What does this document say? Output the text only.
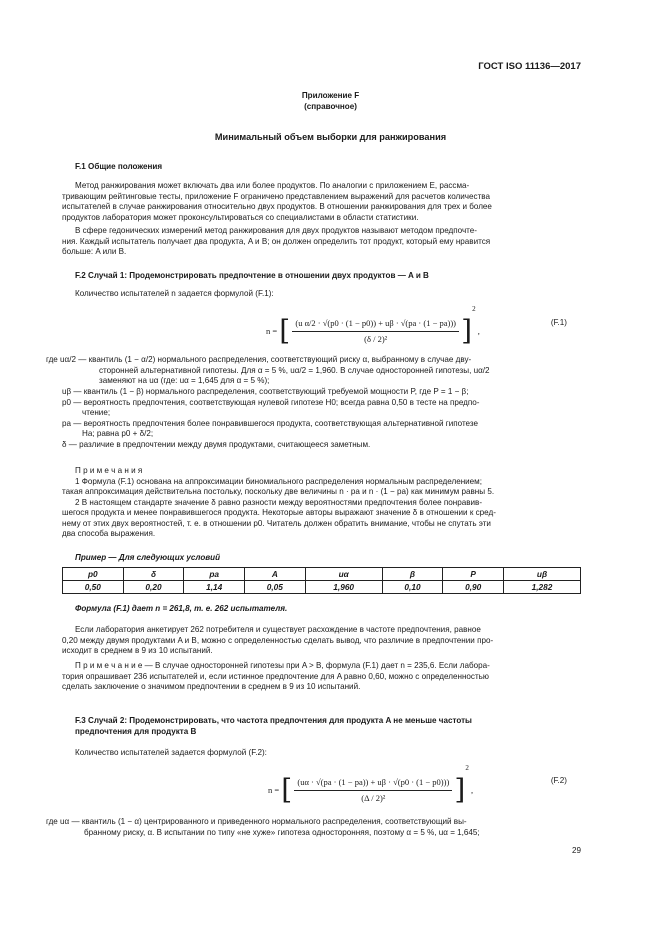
ГОСТ ISO 11136—2017
Приложение F
(справочное)
Минимальный объем выборки для ранжирования
F.1 Общие положения
Метод ранжирования может включать два или более продуктов. По аналогии с приложением Е, рассма-
тривающим рейтинговые тесты, приложение F ограничено представлением выражений для расчетов количества
испытателей в случае ранжирования относительно двух продуктов. В отношении ранжирования для трех и более
продуктов лаборатория может проконсультироваться со специалистами в области статистики.
В сфере гедонических измерений метод ранжирования для двух продуктов называют методом предпочте-
ния. Каждый испытатель получает два продукта, A и B; он должен определить тот продукт, который ему нравится
больше: A или B.
F.2 Случай 1: Продемонстрировать предпочтение в отношении двух продуктов — A и B
Количество испытателей n задается формулой (F.1):
n = [ $\frac{\text{(u α/2 · √(p0 · (1 − p0)) + uβ · √(pa · (1 − pa)))}}{\text{(δ / 2)²}} ]^2$ ,
(F.1)
где uα/2 — квантиль (1 − α/2) нормального распределения, соответствующий риску α, выбранному в случае дву-
сторонней альтернативной гипотезы. Для α = 5 %, uα/2 = 1,960. В случае односторонней гипотезы, uα/2
заменяют на uα (где: uα = 1,645 для α = 5 %);
uβ — квантиль (1 − β) нормального распределения, соответствующий требуемой мощности P, где P = 1 − β;
p0 — вероятность предпочтения, соответствующая нулевой гипотезе H0; всегда равна 0,50 в тесте на предпо-
чтение;
pa — вероятность предпочтения более понравившегося продукта, соответствующая альтернативной гипотезе
Ha; равна p0 + δ/2;
δ — различие в предпочтении между двумя продуктами, считающееся заметным.
П р и м е ч а н и я
1 Формула (F.1) основана на аппроксимации биномиального распределения нормальным распределением;
такая аппроксимация действительна постольку, поскольку две величины n · pa и n · (1 − pa) как минимум равны 5.
2 В настоящем стандарте значение δ равно разности между вероятностями предпочтения более понравив-
шегося продукта и менее понравившегося продукта. Некоторые авторы выражают значение δ в отношении к сред-
нему от этих двух вероятностей, т. е. в отношении p0. Читатель должен обратить внимание, чтобы не спутать эти
два способа выражения.
Пример — Для следующих условий
p0	δ	pa	A	uα	β	P	uβ
0,50	0,20	1,14	0,05	1,960	0,10	0,90	1,282
Формула (F.1) дает n = 261,8, т. е. 262 испытателя.
Если лаборатория анкетирует 262 потребителя и существует расхождение в частоте предпочтения, равное
0,20 между двумя продуктами A и B, можно с определенностью сделать вывод, что различие в предпочтении про-
исходит в среднем в 9 из 10 испытаний.
П р и м е ч а н и е — В случае односторонней гипотезы при A > B, формула (F.1) дает n = 235,6. Если лабора-
тория опрашивает 236 испытателей и, если истинное предпочтение для A равно 0,60, можно с определенностью
сделать заключение о значимом предпочтении в среднем в 9 из 10 испытаний.
F.3 Случай 2: Продемонстрировать, что частота предпочтения для продукта A не меньше частоты
предпочтения для продукта B
Количество испытателей задается формулой (F.2):
n = [ $\frac{(u\alpha \cdot √(pa \cdot (1 - pa)) + u\beta \cdot √(p0 \cdot (1 - p0)))}{\text{(Δ / 2)²}} ]^2$ ,
(F.2)
где uα — квантиль (1 − α) центрированного и приведенного нормального распределения, соответствующий вы-
бранному риску, α. В испытании по типу «не хуже» гипотеза односторонняя, поэтому α = 5 %, uα = 1,645;
29
